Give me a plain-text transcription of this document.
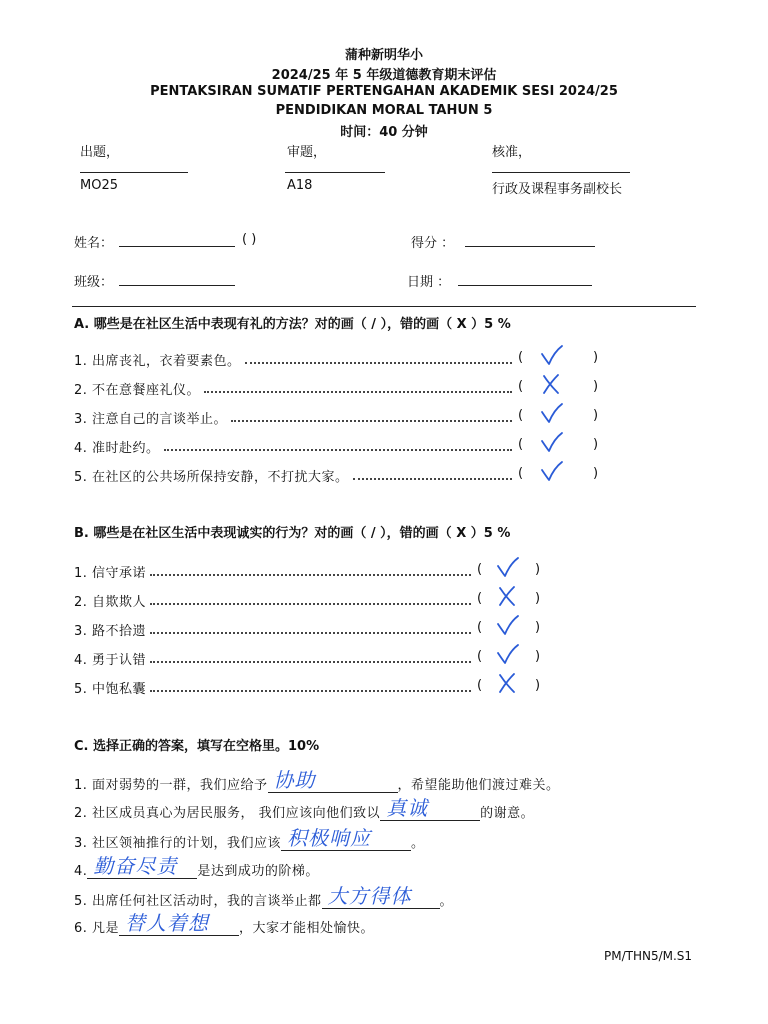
蒲种新明华小
2024/25 年 5 年级道德教育期末评估
PENTAKSIRAN SUMATIF PERTENGAHAN AKADEMIK SESI 2024/25
PENDIDIKAN MORAL TAHUN 5
时间：40 分钟
出题，	审题，	核准，
MO25	A18	行政及课程事务副校长
姓名：	( )	得分 ：
班级：	日期 ：
A. 哪些是在社区生活中表现有礼的方法？对的画（ / ），错的画（ X ）5 %
1. 出席丧礼，衣着要素色。	(	)
2. 不在意餐座礼仪。	(	)
3. 注意自己的言谈举止。	(	)
4. 准时赴约。	(	)
5. 在社区的公共场所保持安静，不打扰大家。	(	)
B. 哪些是在社区生活中表现诚实的行为？对的画（ / ），错的画（ X ）5 %
1. 信守承诺	(	)
2. 自欺欺人	(	)
3. 路不拾遗	(	)
4. 勇于认错	(	)
5. 中饱私囊	(	)
C. 选择正确的答案，填写在空格里。10%
1. 面对弱势的一群，我们应给予 协助	，希望能助他们渡过难关。
2. 社区成员真心为居民服务， 我们应该向他们致以 真诚	的谢意。
3. 社区领袖推行的计划，我们应该 积极响应	。
4. 勤奋尽责 是达到成功的阶梯。
5. 出席任何社区活动时，我的言谈举止都 大方得体 。
6. 凡是 替人着想 ，大家才能相处愉快。
PM/THN5/M.S1
